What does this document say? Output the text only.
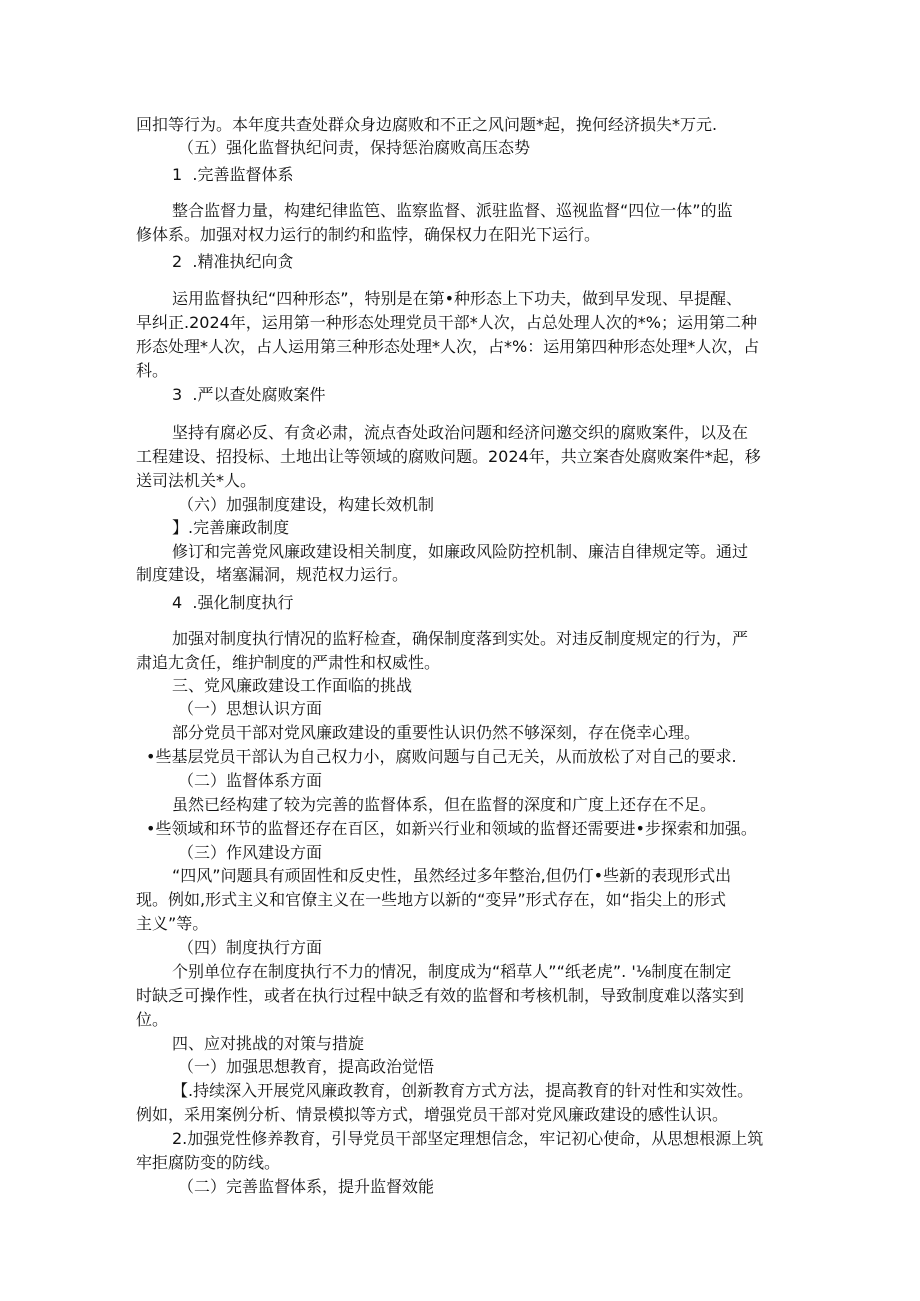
回扣等行为。本年度共查处群众身边腐败和不正之风问题*起，挽何经济损失*万元.

（五）强化监督执纪问责，保持惩治腐败高压态势

1  .完善监督体系

整合监督力量，构建纪律监笆、监察监督、派驻监督、巡视监督“四位一体”的监

修体系。加强对权力运行的制约和监悖，确保权力在阳光下运行。

2  .精准执纪向贪

运用监督执纪“四种形态”，特别是在第•种形态上下功夫，做到早发现、早提醒、

早纠正.2024年，运用第一种形态处理党员干部*人次，占总处理人次的*%；运用第二种

形态处理*人次，占人运用第三种形态处理*人次，占*%：运用第四种形态处理*人次，占

科。

3  .严以查处腐败案件

坚持有腐必反、有贪必肃，流点杳处政治问题和经济问邀交织的腐败案件，以及在

工程建设、招投标、土地出让等领域的腐败问题。2024年，共立案杳处腐败案件*起，移

送司法机关*人。

（六）加强制度建设，构建长效机制

】.完善廉政制度

修订和完善党风廉政建设相关制度，如廉政风险防控机制、廉洁自律规定等。通过

制度建设，堵塞漏洞，规范权力运行。

4  .强化制度执行

加强对制度执行情况的监籽检查，确保制度落到实处。对违反制度规定的行为，严

肃追尢贪任，维护制度的严肃性和权威性。

三、党风廉政建设工作面临的挑战

（一）思想认识方面

部分党员干部对党风廉政建设的重要性认识仍然不够深刻，存在侥幸心理。

•些基层党员干部认为自己权力小，腐败问题与自己无关，从而放松了对自己的要求.

（二）监督体系方面

虽然已经构建了较为完善的监督体系，但在监督的深度和广度上还存在不足。

•些领域和环节的监督还存在百区，如新兴行业和领域的监督还需要进•步探索和加强。

（三）作风建设方面

“四风”问题具有顽固性和反史性，虽然经过多年整治,但仍仃•些新的表现形式出

现。例如,形式主义和官僚主义在一些地方以新的“变异”形式存在，如“指尖上的形式

主义”等。

（四）制度执行方面

个别单位存在制度执行不力的情况，制度成为“稻草人”“纸老虎”. '⅛制度在制定

时缺乏可操作性，或者在执行过程中缺乏有效的监督和考核机制，导致制度难以落实到

位。

四、应对挑战的对策与措旋

（一）加强思想教育，提高政治觉悟

【.持续深入开展党风廉政教育，创新教育方式方法，提高教育的针对性和实效性。

例如，采用案例分析、情景模拟等方式，增强党员干部对党风廉政建设的感性认识。

2.加强党性修养教育，引导党员干部坚定理想信念，牢记初心使命，从思想根源上筑

牢拒腐防变的防线。

（二）完善监督体系，提升监督效能
